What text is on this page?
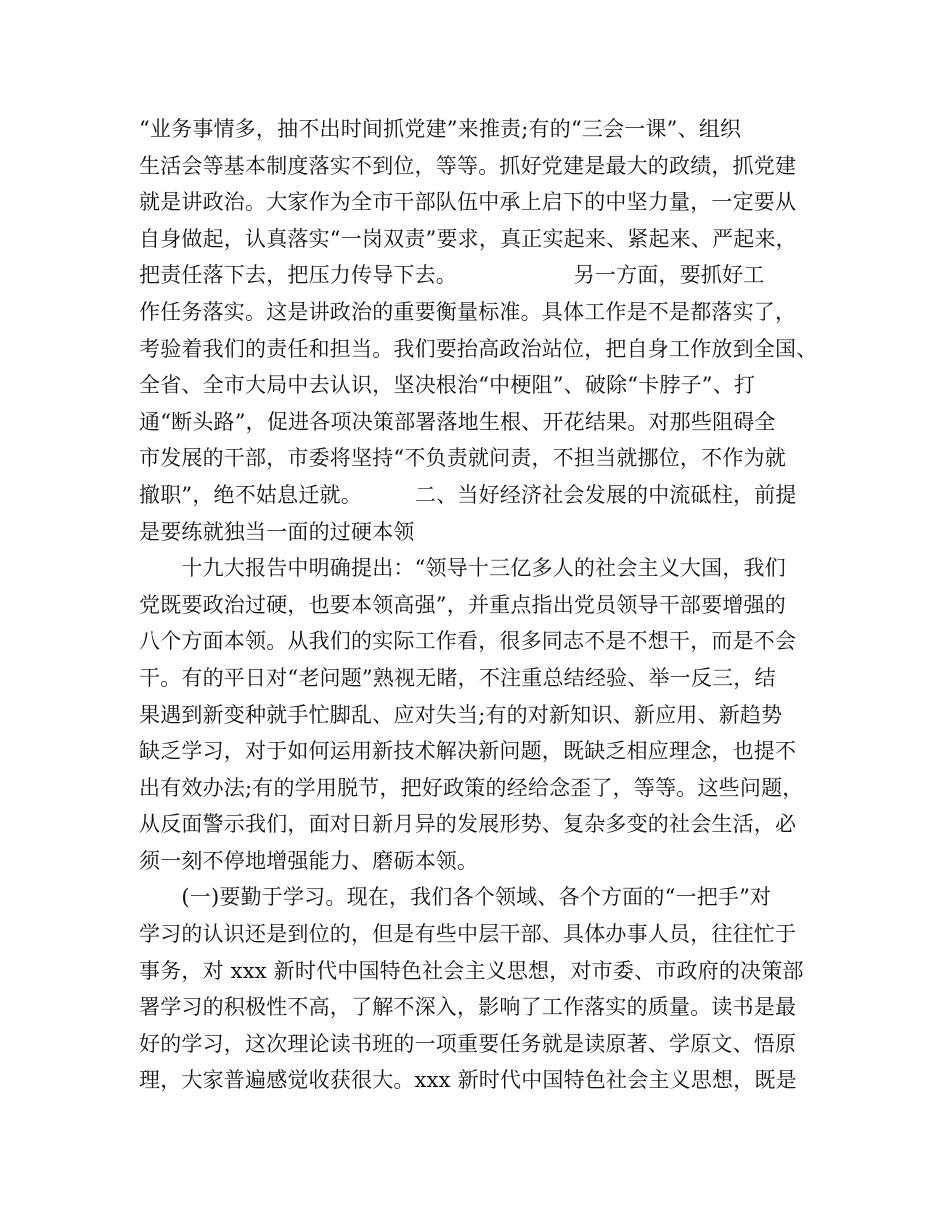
“业务事情多，抽不出时间抓党建”来推责;有的“三会一课”、组织
生活会等基本制度落实不到位，等等。抓好党建是最大的政绩，抓党建
就是讲政治。大家作为全市干部队伍中承上启下的中坚力量，一定要从
自身做起，认真落实“一岗双责”要求，真正实起来、紧起来、严起来，
把责任落下去，把压力传导下去。　　　　　　另一方面，要抓好工
作任务落实。这是讲政治的重要衡量标准。具体工作是不是都落实了，
考验着我们的责任和担当。我们要抬高政治站位，把自身工作放到全国、
全省、全市大局中去认识，坚决根治“中梗阻”、破除“卡脖子”、打
通“断头路”，促进各项决策部署落地生根、开花结果。对那些阻碍全
市发展的干部，市委将坚持“不负责就问责，不担当就挪位，不作为就
撤职”，绝不姑息迁就。　　　二、当好经济社会发展的中流砥柱，前提
是要练就独当一面的过硬本领
　　十九大报告中明确提出：“领导十三亿多人的社会主义大国，我们
党既要政治过硬，也要本领高强”，并重点指出党员领导干部要增强的
八个方面本领。从我们的实际工作看，很多同志不是不想干，而是不会
干。有的平日对“老问题”熟视无睹，不注重总结经验、举一反三，结
果遇到新变种就手忙脚乱、应对失当;有的对新知识、新应用、新趋势
缺乏学习，对于如何运用新技术解决新问题，既缺乏相应理念，也提不
出有效办法;有的学用脱节，把好政策的经给念歪了，等等。这些问题，
从反面警示我们，面对日新月异的发展形势、复杂多变的社会生活，必
须一刻不停地增强能力、磨砺本领。
　　(一)要勤于学习。现在，我们各个领域、各个方面的“一把手”对
学习的认识还是到位的，但是有些中层干部、具体办事人员，往往忙于
事务，对 xxx 新时代中国特色社会主义思想，对市委、市政府的决策部
署学习的积极性不高，了解不深入，影响了工作落实的质量。读书是最
好的学习，这次理论读书班的一项重要任务就是读原著、学原文、悟原
理，大家普遍感觉收获很大。xxx 新时代中国特色社会主义思想，既是
